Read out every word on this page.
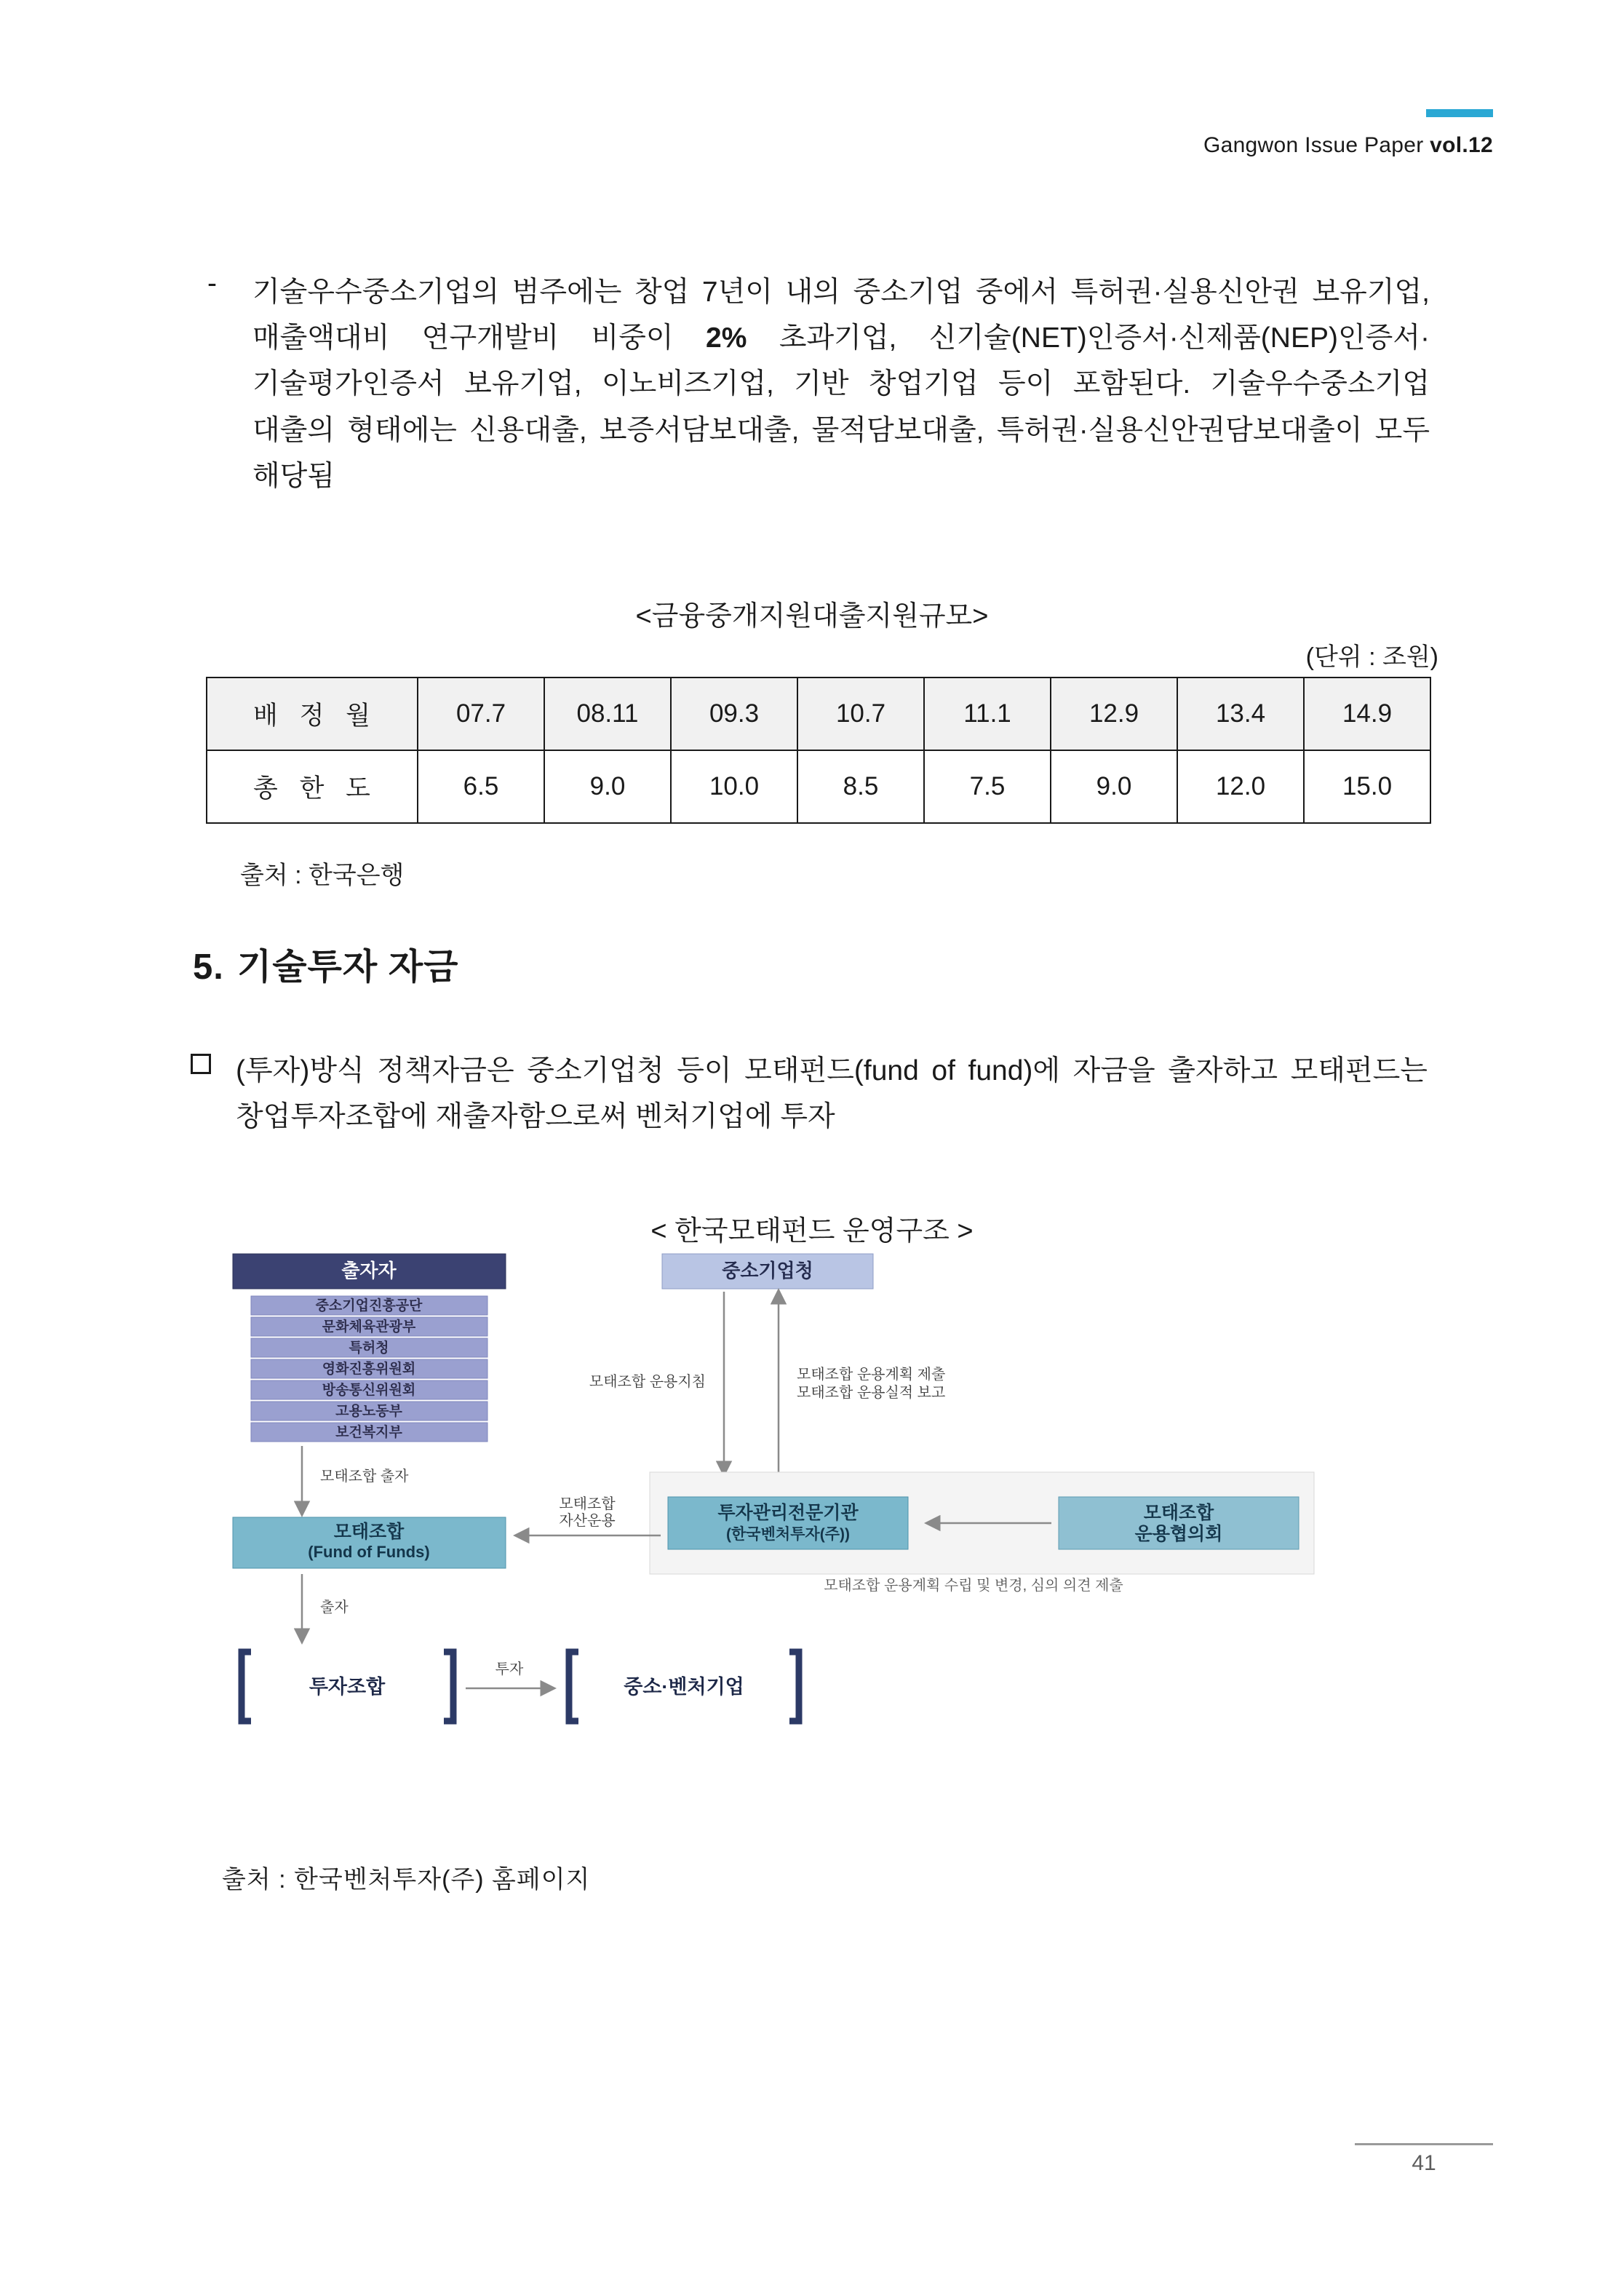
Gangwon Issue Paper vol.12
- 기술우수중소기업의 범주에는 창업 7년이 내의 중소기업 중에서 특허권·실용신안권 보유기업, 매출액대비 연구개발비 비중이 2% 초과기업, 신기술(NET)인증서·신제품(NEP)인증서·기술평가인증서 보유기업, 이노비즈기업, 기반 창업기업 등이 포함된다. 기술우수중소기업 대출의 형태에는 신용대출, 보증서담보대출, 물적담보대출, 특허권·실용신안권담보대출이 모두 해당됨
<금융중개지원대출지원규모>
(단위 : 조원)
배 정 월	07.7	08.11	09.3	10.7	11.1	12.9	13.4	14.9
총 한 도	6.5	9.0	10.0	8.5	7.5	9.0	12.0	15.0
출처 : 한국은행
5. 기술투자 자금
(투자)방식 정책자금은 중소기업청 등이 모태펀드(fund of fund)에 자금을 출자하고 모태펀드는 창업투자조합에 재출자함으로써 벤처기업에 투자
< 한국모태펀드 운영구조 >
출자자
중소기업진흥공단
문화체육관광부
특허청
영화진흥위원회
방송통신위원회
고용노동부
보건복지부
중소기업청
모태조합 운용지침	모태조합 운용계획 제출
모태조합 운용실적 보고
모태조합 출자
모태조합
(Fund of Funds)
투자관리전문기관
(한국벤처투자(주))
모태조합
운용협의회
모태조합 운용계획 수립 및 변경, 심의 의견 제출
모태조합
자산운용
출자
투자조합
투자
중소·벤처기업
출처 : 한국벤처투자(주) 홈페이지
41
